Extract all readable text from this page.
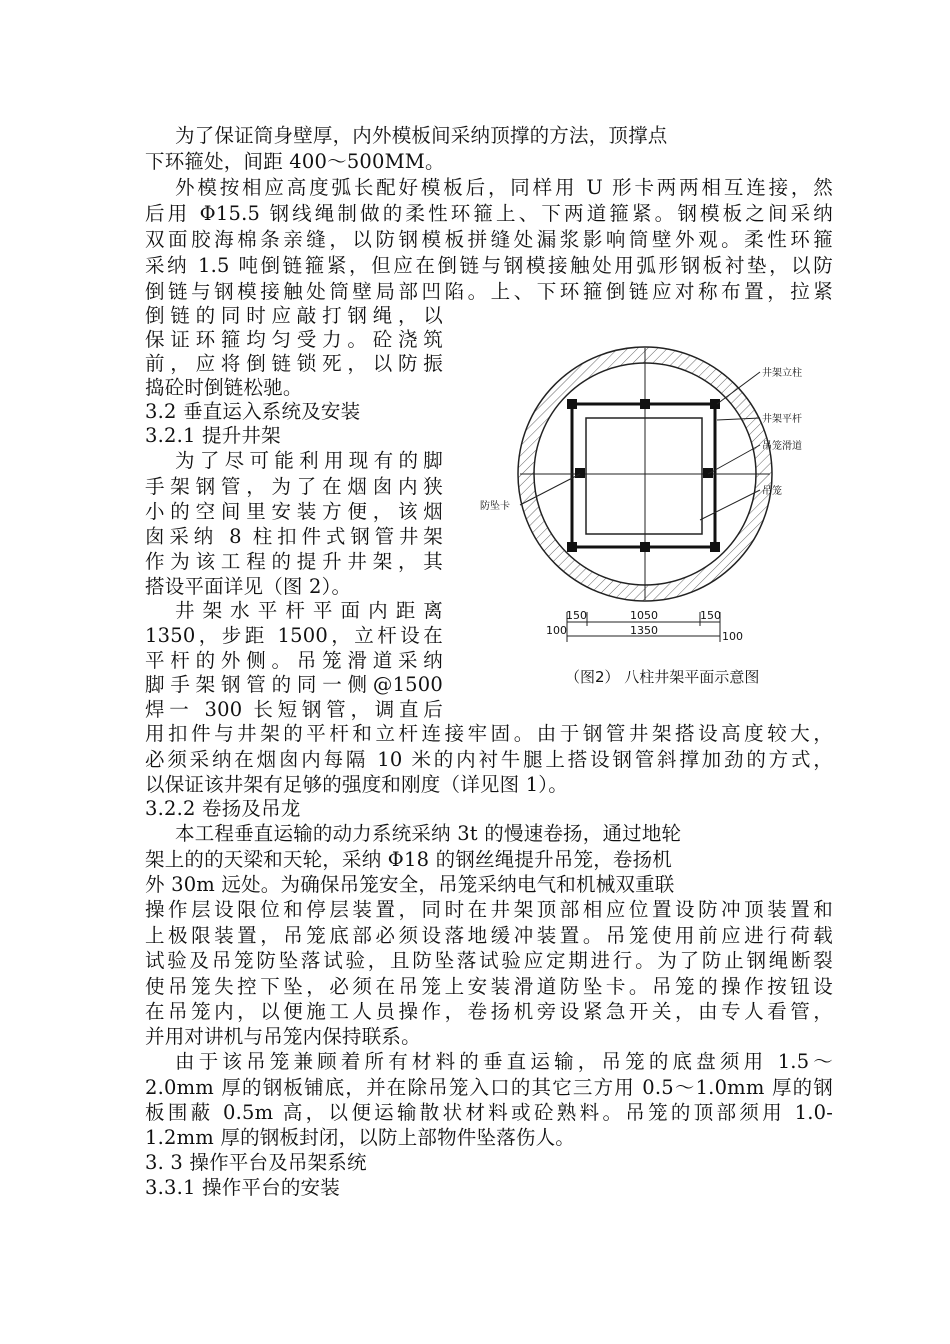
为了保证筒身壁厚，内外模板间采纳顶撑的方法，顶撑点
下环箍处，间距 400～500MM。
外模按相应高度弧长配好模板后，同样用 U 形卡两两相互连接，然
后用 Φ15.5 钢线绳制做的柔性环箍上、下两道箍紧。钢模板之间采纳
双面胶海棉条亲缝，以防钢模板拼缝处漏浆影响筒壁外观。柔性环箍
采纳 1.5 吨倒链箍紧，但应在倒链与钢模接触处用弧形钢板衬垫，以防
倒链与钢模接触处筒壁局部凹陷。上、下环箍倒链应对称布置，拉紧
倒链的同时应敲打钢绳，以
保证环箍均匀受力。砼浇筑
前，应将倒链锁死，以防振
捣砼时倒链松驰。
3.2 垂直运入系统及安装
3.2.1 提升井架
为了尽可能利用现有的脚
手架钢管，为了在烟囱内狭
小的空间里安装方便，该烟
囱采纳 8 柱扣件式钢管井架
作为该工程的提升井架，其
搭设平面详见（图 2）。
井架水平杆平面内距离
1350，步距 1500，立杆设在
平杆的外侧。吊笼滑道采纳
脚手架钢管的同一侧@1500
焊一 300 长短钢管，调直后
用扣件与井架的平杆和立杆连接牢固。由于钢管井架搭设高度较大，
必须采纳在烟囱内每隔 10 米的内衬牛腿上搭设钢管斜撑加劲的方式，
以保证该井架有足够的强度和刚度（详见图 1）。
3.2.2 卷扬及吊龙
本工程垂直运输的动力系统采纳 3t 的慢速卷扬，通过地轮
架上的的天梁和天轮，采纳 Φ18 的钢丝绳提升吊笼，卷扬机
外 30m 远处。为确保吊笼安全，吊笼采纳电气和机械双重联
操作层设限位和停层装置，同时在井架顶部相应位置设防冲顶装置和
上极限装置，吊笼底部必须设落地缓冲装置。吊笼使用前应进行荷载
试验及吊笼防坠落试验，且防坠落试验应定期进行。为了防止钢绳断裂
使吊笼失控下坠，必须在吊笼上安装滑道防坠卡。吊笼的操作按钮设
在吊笼内，以便施工人员操作，卷扬机旁设紧急开关，由专人看管，
并用对讲机与吊笼内保持联系。
由于该吊笼兼顾着所有材料的垂直运输，吊笼的底盘须用 1.5～
2.0mm 厚的钢板铺底，并在除吊笼入口的其它三方用 0.5～1.0mm 厚的钢
板围蔽 0.5m 高，以便运输散状材料或砼熟料。吊笼的顶部须用 1.0-
1.2mm 厚的钢板封闭，以防上部物件坠落伤人。
3. 3 操作平台及吊架系统
3.3.1 操作平台的安装
井架立柱
井架平杆
吊笼滑道
吊笼
防坠卡
150	1050	150
100	1350	100
（图2） 八柱井架平面示意图
